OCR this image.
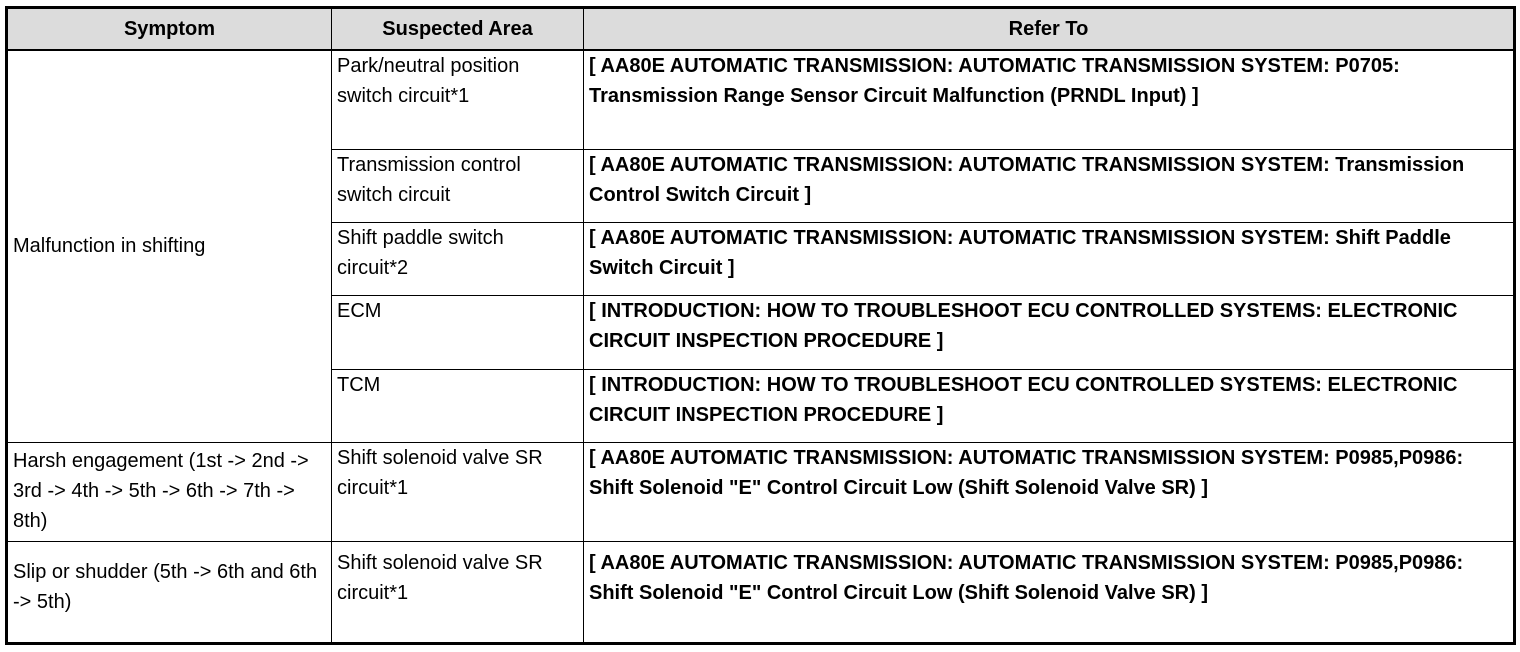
Symptom	Suspected Area	Refer To
Malfunction in shifting	Park/neutral position switch circuit*1	[ AA80E AUTOMATIC TRANSMISSION: AUTOMATIC TRANSMISSION SYSTEM: P0705: Transmission Range Sensor Circuit Malfunction (PRNDL Input) ]
	Transmission control switch circuit	[ AA80E AUTOMATIC TRANSMISSION: AUTOMATIC TRANSMISSION SYSTEM: Transmission Control Switch Circuit ]
	Shift paddle switch circuit*2	[ AA80E AUTOMATIC TRANSMISSION: AUTOMATIC TRANSMISSION SYSTEM: Shift Paddle Switch Circuit ]
	ECM	[ INTRODUCTION: HOW TO TROUBLESHOOT ECU CONTROLLED SYSTEMS: ELECTRONIC CIRCUIT INSPECTION PROCEDURE ]
	TCM	[ INTRODUCTION: HOW TO TROUBLESHOOT ECU CONTROLLED SYSTEMS: ELECTRONIC CIRCUIT INSPECTION PROCEDURE ]
Harsh engagement (1st -> 2nd -> 3rd -> 4th -> 5th -> 6th -> 7th -> 8th)	Shift solenoid valve SR circuit*1	[ AA80E AUTOMATIC TRANSMISSION: AUTOMATIC TRANSMISSION SYSTEM: P0985,P0986: Shift Solenoid "E" Control Circuit Low (Shift Solenoid Valve SR) ]
Slip or shudder (5th -> 6th and 6th -> 5th)	Shift solenoid valve SR circuit*1	[ AA80E AUTOMATIC TRANSMISSION: AUTOMATIC TRANSMISSION SYSTEM: P0985,P0986: Shift Solenoid "E" Control Circuit Low (Shift Solenoid Valve SR) ]
